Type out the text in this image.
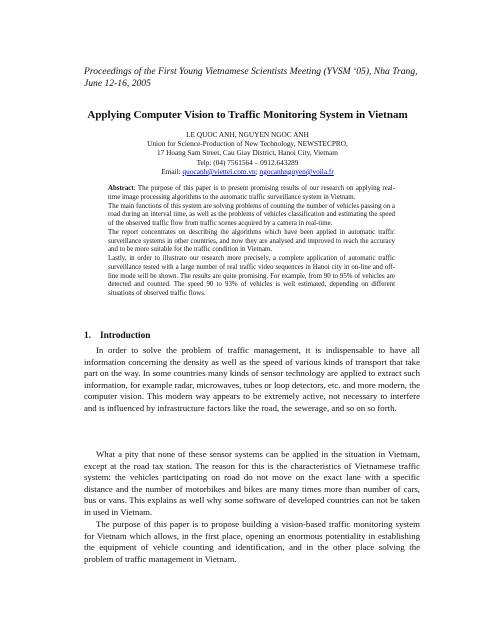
Proceedings of the First Young Vietnamese Scientists Meeting (YVSM ‘05), Nha Trang, June 12-16, 2005
Applying Computer Vision to Traffic Monitoring System in Vietnam
LE QUOC ANH, NGUYEN NGOC ANH
Union for Science-Production of New Technology, NEWSTECPRO,
17 Hoang Sam Street, Cau Giay District, Hanoi City, Vietnam
Telp: (04) 7561564 – 0912.643289
Email: quocanh@viettel.com.vn; ngocanhnguyen@voila.fr

Abstract: The purpose of this paper is to present promising results of our research on applying real-time image processing algorithms to the automatic traffic surveillance system in Vietnam.

The main functions of this system are solving problems of counting the number of vehicles passing on a road during an interval time, as well as the problems of vehicles classification and estimating the speed of the observed traffic flow from traffic scenes acquired by a camera in real-time.

The report concentrates on describing the algorithms which have been applied in automatic traffic surveillance systems in other countries, and now they are analysed and improved to reach the accuracy and to be more suitable for the traffic condition in Vietnam.

Lastly, in order to illustrate our research more precisely, a complete application of automatic traffic surveillance tested with a large number of real traffic video sequences in Hanoi city in on-line and off-line mode will be shown. The results are quite promising. For example, from 90 to 95% of vehicles are detected and counted. The speed 90 to 93% of vehicles is well estimated, depending on different situations of observed traffic flows.

1. Introduction

In order to solve the problem of traffic management, it is indispensable to have all information concerning the density as well as the speed of various kinds of transport that take part on the way. In some countries many kinds of sensor technology are applied to extract such information, for example radar, microwaves, tubes or loop detectors, etc. and more modern, the computer vision. This modern way appears to be extremely active, not necessary to interfere and is influenced by infrastructure factors like the road, the sewerage, and so on so forth.

What a pity that none of these sensor systems can be applied in the situation in Vietnam, except at the road tax station. The reason for this is the characteristics of Vietnamese traffic system: the vehicles participating on road do not move on the exact lane with a specific distance and the number of motorbikes and bikes are many times more than number of cars, bus or vans. This explains as well why some software of developed countries can not be taken in used in Vietnam.

The purpose of this paper is to propose building a vision-based traffic monitoring system for Vietnam which allows, in the first place, opening an enormous potentiality in establishing the equipment of vehicle counting and identification, and in the other place solving the problem of traffic management in Vietnam.
